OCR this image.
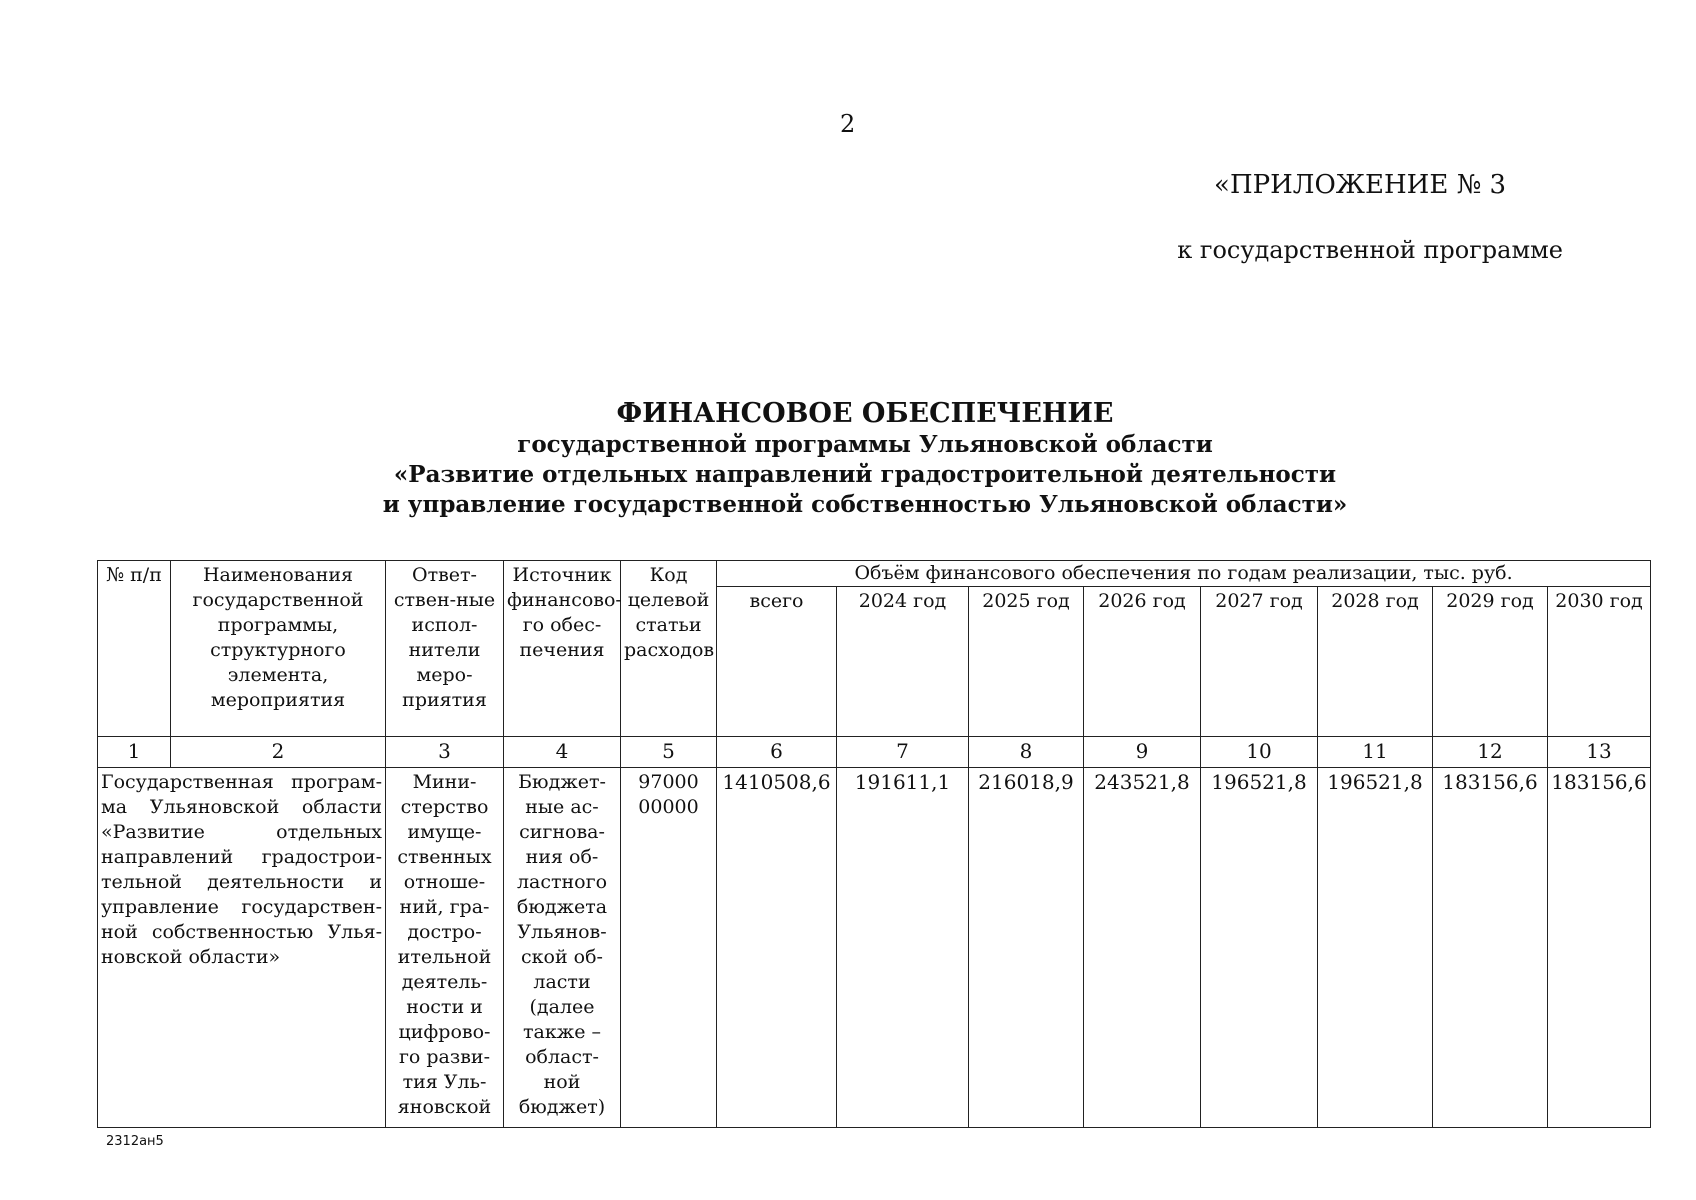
2
«ПРИЛОЖЕНИЕ № 3
к государственной программе
ФИНАНСОВОЕ ОБЕСПЕЧЕНИЕ
государственной программы Ульяновской области
«Развитие отдельных направлений градостроительной деятельности
и управление государственной собственностью Ульяновской области»
№ п/п	Наименования государственной программы, структурного элемента, мероприятия	Ответ-ствен-ные испол-нители меро-приятия	Источник финансово-го обес-печения	Код целевой статьи расходов	Объём финансового обеспечения по годам реализации, тыс. руб.							
					всего	2024 год	2025 год	2026 год	2027 год	2028 год	2029 год	2030 год
1	2	3	4	5	6	7	8	9	10	11	12	13
Государственная програм-ма Ульяновской области «Развитие отдельных направлений градострои-тельной деятельности и управление государствен-ной собственностью Улья-новской области»		Мини-стерство имуще-ственных отноше-ний, гра-достро-ительной деятель-ности и цифрово-го разви-тия Уль-яновской	Бюджет-ные ас-сигнова-ния об-ластного бюджета Ульянов-ской об-ласти (далее также – област-ной бюджет)	97000 00000	1410508,6	191611,1	216018,9	243521,8	196521,8	196521,8	183156,6	183156,6
2312ан5
